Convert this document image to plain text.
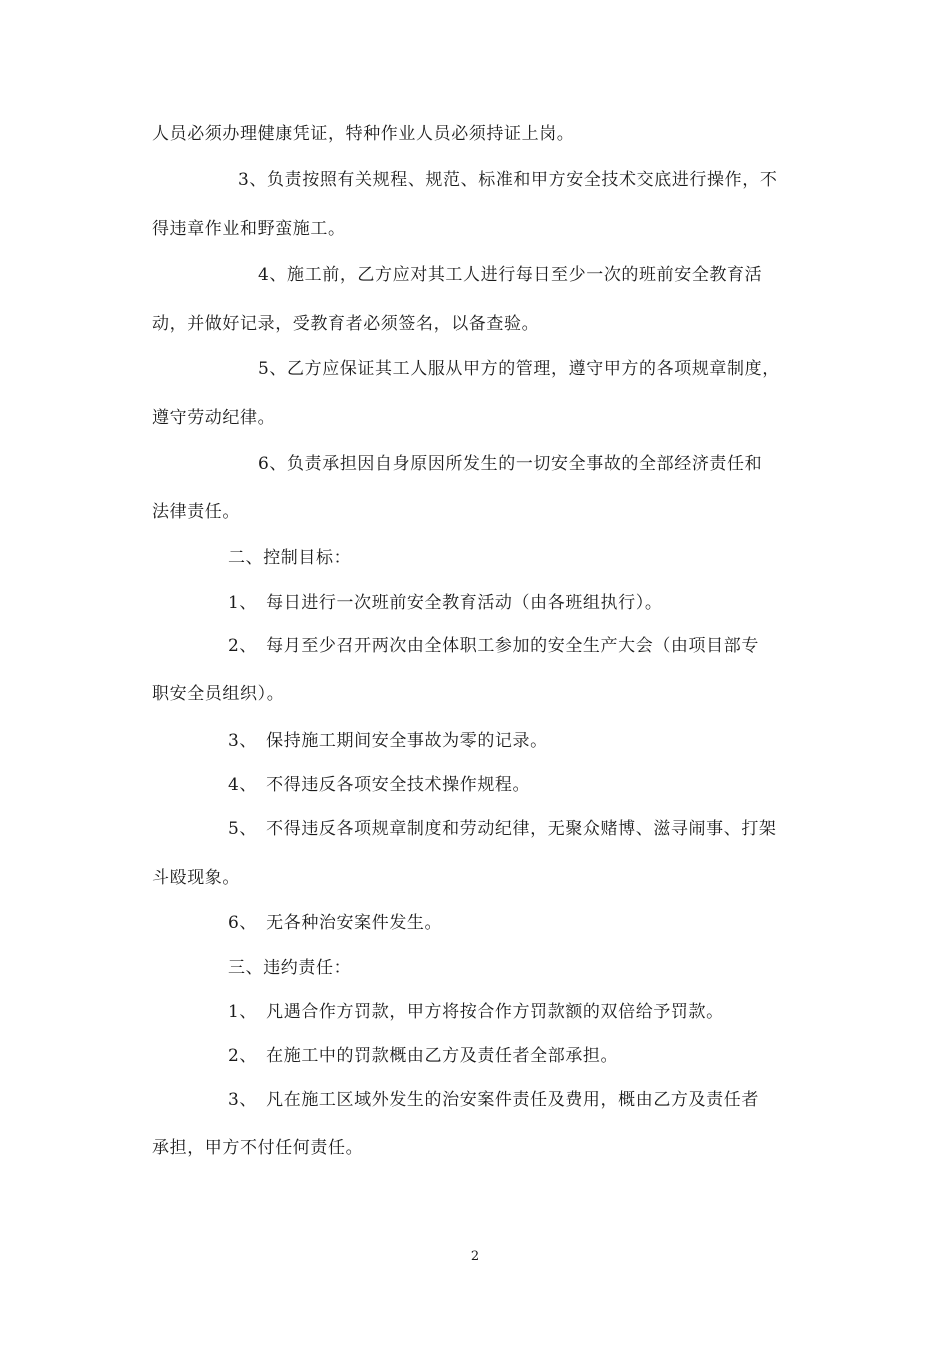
人员必须办理健康凭证，特种作业人员必须持证上岗。
3、负责按照有关规程、规范、标准和甲方安全技术交底进行操作，不
得违章作业和野蛮施工。
4、施工前，乙方应对其工人进行每日至少一次的班前安全教育活
动，并做好记录，受教育者必须签名，以备查验。
5、乙方应保证其工人服从甲方的管理，遵守甲方的各项规章制度，
遵守劳动纪律。
6、负责承担因自身原因所发生的一切安全事故的全部经济责任和
法律责任。
二、控制目标：
1、　每日进行一次班前安全教育活动（由各班组执行）。
2、　每月至少召开两次由全体职工参加的安全生产大会（由项目部专
职安全员组织）。
3、　保持施工期间安全事故为零的记录。
4、　不得违反各项安全技术操作规程。
5、　不得违反各项规章制度和劳动纪律，无聚众赌博、滋寻闹事、打架
斗殴现象。
6、　无各种治安案件发生。
三、违约责任：
1、　凡遇合作方罚款，甲方将按合作方罚款额的双倍给予罚款。
2、　在施工中的罚款概由乙方及责任者全部承担。
3、　凡在施工区域外发生的治安案件责任及费用，概由乙方及责任者
承担，甲方不付任何责任。
2
